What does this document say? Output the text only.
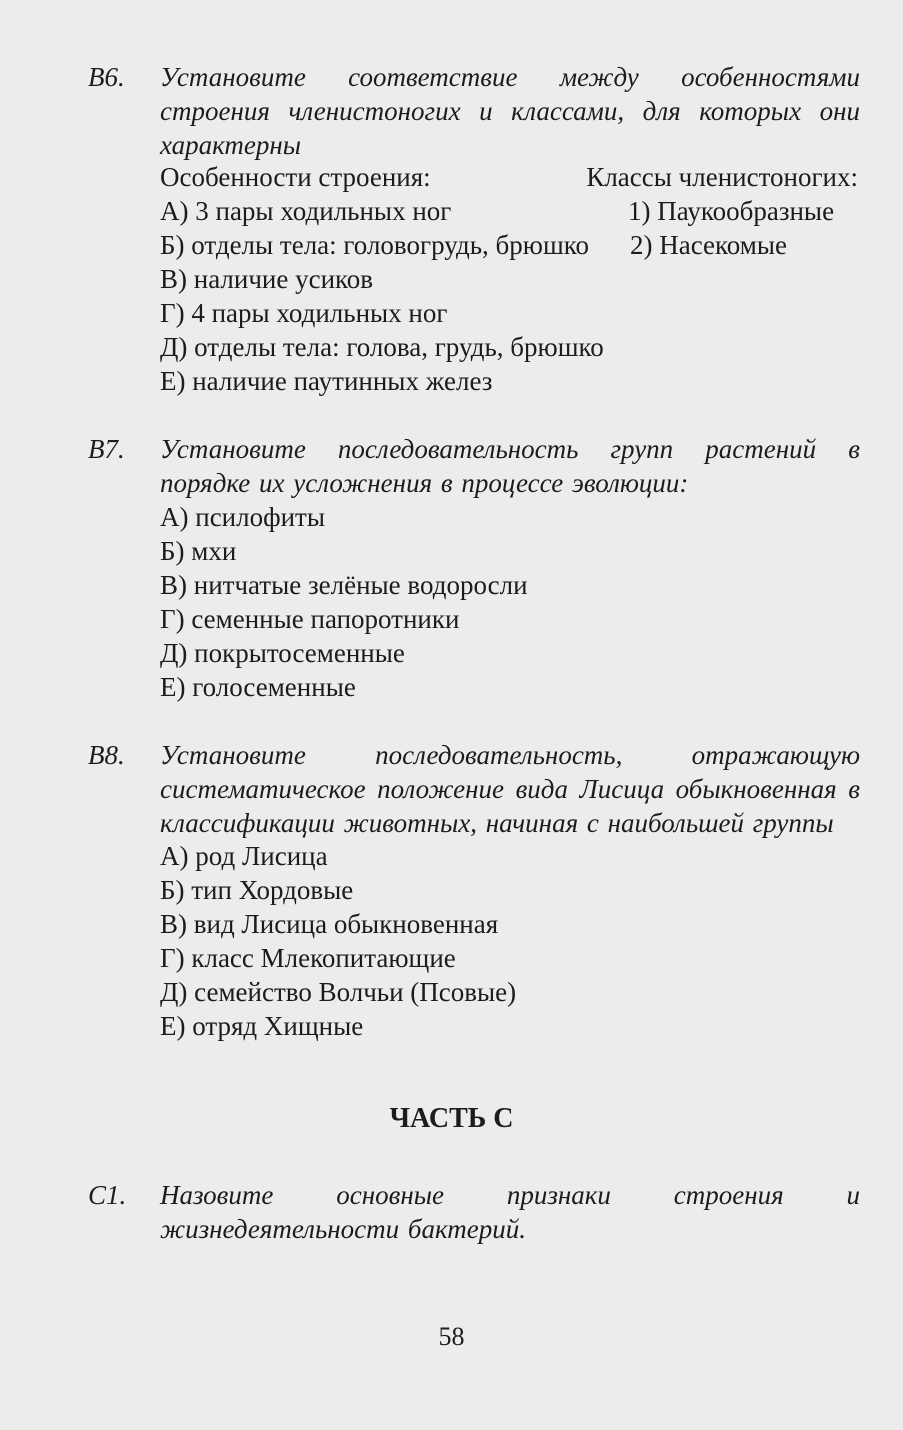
В6. Установите соответствие между особенностями строения членистоногих и классами, для которых они характерны
Особенности строения:	Классы членистоногих:
А) 3 пары ходильных ног	1) Паукообразные
Б) отделы тела: головогрудь, брюшко 2) Насекомые
В) наличие усиков
Г) 4 пары ходильных ног
Д) отделы тела: голова, грудь, брюшко
Е) наличие паутинных желез
В7. Установите последовательность групп растений в порядке их усложнения в процессе эволюции:
А) псилофиты
Б) мхи
В) нитчатые зелёные водоросли
Г) семенные папоротники
Д) покрытосеменные
Е) голосеменные
В8. Установите последовательность, отражающую систематическое положение вида Лисица обыкновенная в классификации животных, начиная с наибольшей группы
А) род Лисица
Б) тип Хордовые
В) вид Лисица обыкновенная
Г) класс Млекопитающие
Д) семейство Волчьи (Псовые)
Е) отряд Хищные
ЧАСТЬ С
С1. Назовите основные признаки строения и жизнедеятельности бактерий.
58
